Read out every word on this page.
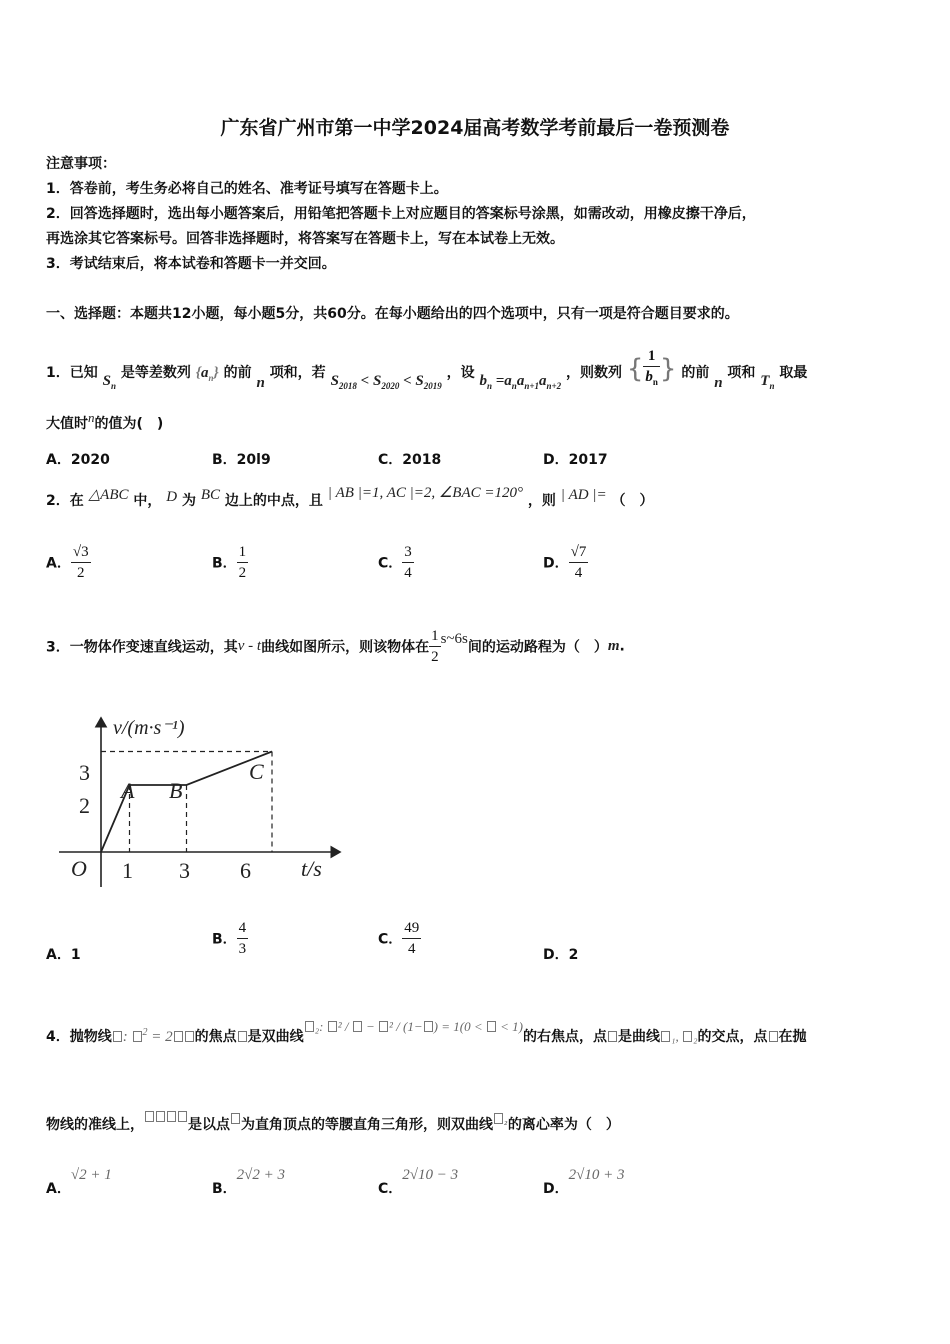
广东省广州市第一中学2024届高考数学考前最后一卷预测卷
注意事项：
1．答卷前，考生务必将自己的姓名、准考证号填写在答题卡上。
2．回答选择题时，选出每小题答案后，用铅笔把答题卡上对应题目的答案标号涂黑，如需改动，用橡皮擦干净后，
再选涂其它答案标号。回答非选择题时，将答案写在答题卡上，写在本试卷上无效。
3．考试结束后，将本试卷和答题卡一并交回。
一、选择题：本题共12小题，每小题5分，共60分。在每小题给出的四个选项中，只有一项是符合题目要求的。
1．已知 $S_n$ 是等差数列 $\{a_n\}$ 的前 n 项和，若 $S_{2018} < S_{2020} < S_{2019}$ ，设 $b_n =a_na_{n+1}a_{n+2}$ ，则数列 { $\frac{1}{b_n}$ } 的前 n 项和 $T_n$ 取最
大值时n的值为(　)
A．2020	B．20l9	C．2018	D．2017
2．在 △ABC 中， D 为 BC 边上的中点，且 | AB |=1, AC |=2, ∠BAC =120° ，则 | AD |= （　）
A． $\frac{√3}{2}$	B． $\frac{1}{2}$	C． $\frac{3}{4}$	D． $\frac{√7}{4}$
3．一物体作变速直线运动，其v - t曲线如图所示，则该物体在 $\frac{1}{2}$ s~6s间的运动路程为（　）m.
v/(m·s⁻¹)
t/s
O
3
2
1 3 6
A B
C
A．1
B． $\frac{4}{3}$	C． $\frac{49}{4}$	D．2
4．抛物线 : $^2$ = 2 的焦点 是双曲线₂: ² /  − ² / (1− ) = 1(0 <  < 1)的右焦点，点 是曲线 ₁, ₂的交点，点 在抛
物线的准线上，	是以点 为直角顶点的等腰直角三角形，则双曲线 $^{_2}$的离心率为（　）
A．√2 + 1
B．2√2 + 3
C．2√10 − 3
D．2√10 + 3
